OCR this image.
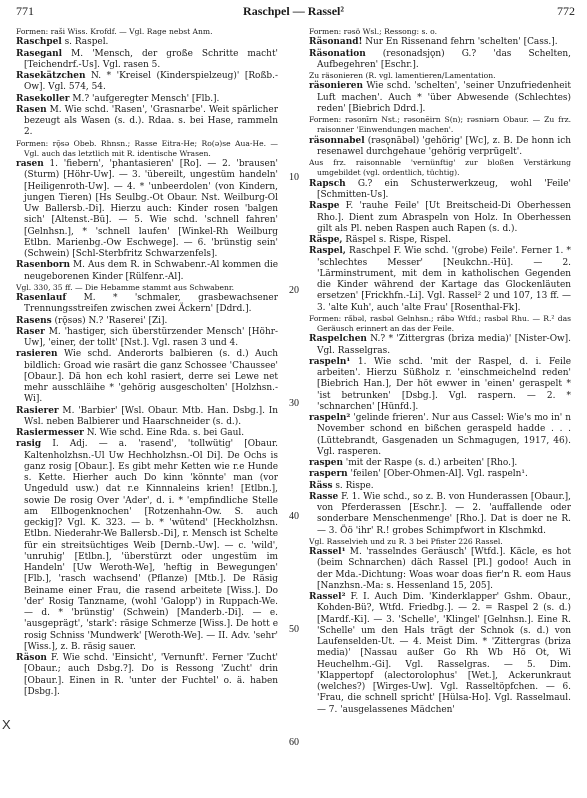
771	Raschpel — Rassel²	772

Formen: raši Wiss. Krofdf. — Vgl. Rage nebst Anm.

Raschpel s. Raspel.

Raseganl M. 'Mensch, der große Schritte macht' [Teichendrf.-Us]. Vgl. rasen 5.

Rasekätzchen N. * 'Kreisel (Kinderspielzeug)' [Roßb.-Ow]. Vgl. 574, 54.

Rasekoller M.? 'aufgeregter Mensch' [Flb.].

Rasen M. Wie schd. 'Rasen', 'Grasnarbe'. Weit spärlicher bezeugt als Wasen (s. d.). Rdaa. s. bei Hase, rammeln 2.

Formen: rǭsə Obeb. Rhnsn.; Rasse Eitra-He; Ro(ə)se Aua-He. — Vgl. auch das letztlich mit R. identische Wrasen.

rasen 1. 'fiebern', 'phantasieren' [Ro]. — 2. 'brausen' (Sturm) [Höhr-Uw]. — 3. 'übereilt, ungestüm handeln' [Heiligenroth-Uw]. — 4. * 'unbeerdolen' (von Kindern, jungen Tieren) [Hs Seulbg.-Ot Obaur. Nst. Weilburg-Ol Uw Ballersb.-Di]. Hierzu auch: Kinder rosen 'balgen sich' [Altenst.-Bü]. — 5. Wie schd. 'schnell fahren' [Gelnhsn.], * 'schnell laufen' [Winkel-Rh Weilburg Etlbn. Marienbg.-Ow Eschwege]. — 6. 'brünstig sein' (Schwein) [Schl-Sterbfritz Schwarzenfels].

Rasenborn M. Aus dem R. in Schwabenr.-Al kommen die neugeborenen Kinder [Rülfenr.-Al].

Vgl. 330, 35 ff. — Die Hebamme stammt aus Schwabenr.

Rasenlauf M. * 'schmaler, grasbewachsener Trennungsstreifen zwischen zwei Äckern' [Ddrd.].

Rasens (rǭsəs) N.? 'Raserei' [Zi].

Raser M. 'hastiger, sich überstürzender Mensch' [Höhr-Uw], 'einer, der tollt' [Nst.]. Vgl. rasen 3 und 4.

rasieren Wie schd. Anderorts balbieren (s. d.) Auch bildlich: Groad wie rasärt die ganz Schossee 'Chaussee' [Obaur.]. Dä hon ech kohl rasiert, derre sei Lewe net mehr ausschläihe * 'gehörig ausgescholten' [Holzhsn.-Wi].

Rasierer M. 'Barbier' [Wsl. Obaur. Mtb. Han. Dsbg.]. In Wsl. neben Balbierer und Haarschneider (s. d.).

Rasiermesser N. Wie schd. Eine Rda. s. bei Gaul.

rasig I. Adj. — a. 'rasend', 'tollwütig' [Obaur. Kaltenholzhsn.-Ul Uw Hechholzhsn.-Ol Di]. De Ochs is ganz rosig [Obaur.]. Es gibt mehr Ketten wie r.e Hunde s. Kette. Hierher auch Do kinn 'könnte' man (vor Ungeduld usw.) dat r.e Kinnnaleins krien! [Etlbn.], sowie De rosig Over 'Ader', d. i. * 'empfindliche Stelle am Ellbogenknochen' [Rotzenhahn-Ow. S. auch geckig]? Vgl. K. 323. — b. * 'wütend' [Heckholzhsn. Etlbn. Niederahr-We Ballersb.-Di], r. Mensch ist Schelte für ein streitsüchtiges Weib [Dernb.-Uw]. — c. 'wild', 'unruhig' [Etlbn.], 'überstürzt oder ungestüm im Handeln' [Uw Weroth-We], 'heftig in Bewegungen' [Flb.], 'rasch wachsend' (Pflanze) [Mtb.]. De Räsig Beiname einer Frau, die rasend arbeitete [Wiss.]. Do 'der' Rosig Tanzname, (wohl 'Galopp') in Ruppach-We. — d. * 'brünstig' (Schwein) [Manderb.-Di]. — e. 'ausgeprägt', 'stark': räsige Schmerze [Wiss.]. De hott e rosig Schniss 'Mundwerk' [Weroth-We]. — II. Adv. 'sehr' [Wiss.], z. B. räsig sauer.

Räson F. Wie schd. 'Einsicht', 'Vernunft'. Ferner 'Zucht' [Obaur.; auch Dsbg.?]. Do is Ressong 'Zucht' drin [Obaur.]. Einen in R. 'unter der Fuchtel' o. ä. haben [Dsbg.].

10
20
30
40
50
60

Formen: rǝsö Wsl.; Ressong: s. o.

Räsonand! Nur En Rissenand fehrn 'schelten' [Cass.].

Räsonation (resonadsjǫn) G.? 'das Schelten, Aufbegehren' [Eschr.].

Zu räsonieren (R. vgl. lamentieren/Lamentation.

räsonieren Wie schd. 'schelten', 'seiner Unzufriedenheit Luft machen'. Auch * 'über Abwesende (Schlechtes) reden' [Biebrich Ddrd.].

Formen: rǝsonīrn Nst.; rǝsonēirn S(n); rǝsniǝrn Obaur. — Zu frz. raisonner 'Einwendungen machen'.

räsonnabel (rǝsǫnābǝl) 'gehörig' [Wc], z. B. De honn ich resenawel durchgehaue 'gehörig verprügelt'.

Aus frz. raisonnable 'vernünftig' zur bloßen Verstärkung umgebildet (vgl. ordentlich, tüchtig).

Rapsch G.? ein Schusterwerkzeug, wohl 'Feile' [Schmitten-Us].

Raspe F. 'rauhe Feile' [Ut Breitscheid-Di Oberhessen Rho.]. Dient zum Abraspeln von Holz. In Oberhessen gilt als Pl. neben Raspen auch Rapen (s. d.).

Räspe, Räspel s. Rispe, Rispel.

Raspel, Raschpel F. Wie schd. '(grobe) Feile'. Ferner 1. * 'schlechtes Messer' [Neukchn.-Hü]. — 2. 'Lärminstrument, mit dem in katholischen Gegenden die Kinder während der Kartage das Glockenläuten ersetzen' [Frickhfn.-Li]. Vgl. Rassel² 2 und 107, 13 ff. — 3. 'alte Kuh', auch 'alte Frau' [Rosenthal-Fk].

Formen: ra̋bǝl, rasbǝl Gelnhsn.; ra̋bǝ Wtfd.; rasbǝl Rhu. — R.² das Geräusch erinnert an das der Feile.

Raspelchen N.? * 'Zittergras (briza media)' [Nister-Ow]. Vgl. Rasselgras.

raspeln¹ 1. Wie schd. 'mit der Raspel, d. i. Feile arbeiten'. Hierzu Süßholz r. 'einschmeichelnd reden' [Biebrich Han.], Der höt ewwer in 'einen' geraspelt * 'ist betrunken' [Dsbg.]. Vgl. raspern. — 2. * 'schnarchen' [Hünfd.].

raspeln² 'gelinde frieren'. Nur aus Cassel: Wie's mo in' n November schond en bißchen geraspeld hadde . . . (Lüttebrandt, Gasgenaden un Schmagugen, 1917, 46). Vgl. rasperen.

raspen 'mit der Raspe (s. d.) arbeiten' [Rho.].

raspern 'feilen' [Ober-Ohmen-Al]. Vgl. raspeln¹.

Räss s. Rispe.

Rasse F. 1. Wie schd., so z. B. von Hunderassen [Obaur.], von Pferderassen [Eschr.]. — 2. 'auffallende oder sonderbare Menschenmenge' [Rho.]. Dat is doer ne R. — 3. Öö 'ihr' R.! grobes Schimpfwort in Klschmkd.

Vgl. Rasselvieh und zu R. 3 bei Pfister 226 Rassel.

Rassel¹ M. 'rasselndes Geräusch' [Wtfd.]. Käcle, es hot (beim Schnarchen) däch Rassel [Pl.] godoo! Auch in der Mda.-Dichtung: Woas woar doas fier'n R. eom Haus [Nanzhsn.-Ma: s. Hessenland 15, 205].

Rassel² F. I. Auch Dim. 'Kinderklapper' Gshm. Obaur., Kohden-Bü?, Wtfd. Friedbg.]. — 2. = Raspel 2 (s. d.) [Mardf.-Ki]. — 3. 'Schelle', 'Klingel' [Gelnhsn.]. Eine R. 'Schelle' um den Hals trägt der Schnok (s. d.) von Laufenselden-Ut. — 4. Meist Dim. * 'Zittergras (briza media)' [Nassau außer Go Rh Wb Hö Ot, Wi Heuchelhm.-Gi]. Vgl. Rasselgras. — 5. Dim. 'Klappertopf (alectorolophus' [Wet.], Ackerunkraut (welches?) [Wirges-Uw]. Vgl. Rasseltöpfchen. — 6. 'Frau, die schnell spricht' [Hülsa-Ho]. Vgl. Rasselmaul. — 7. 'ausgelassenes Mädchen'

X
